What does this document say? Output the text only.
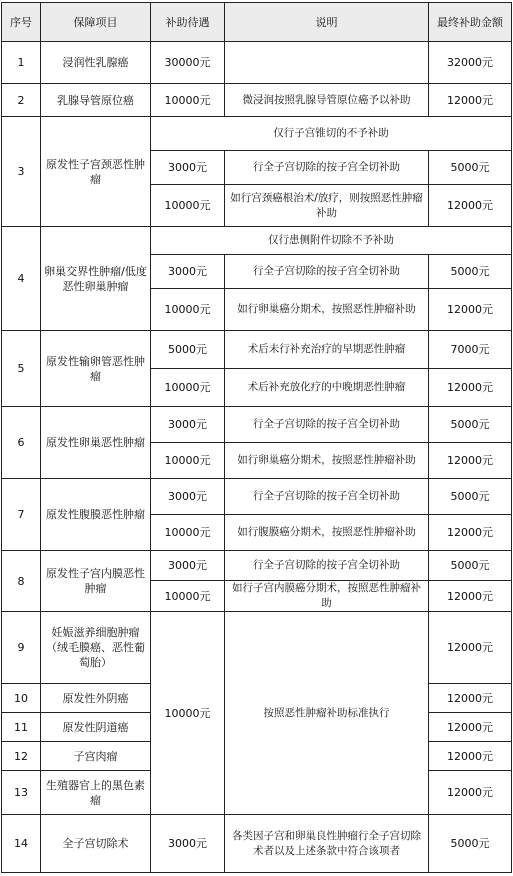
序号	保障项目	补助待遇	说明	最终补助金额
1	浸润性乳腺癌	30000元		32000元
2	乳腺导管原位癌	10000元	微浸润按照乳腺导管原位癌予以补助	12000元
3	原发性子宫颈恶性肿瘤	仅行子宫锥切的不予补助		
		3000元	行全子宫切除的按子宫全切补助	5000元
		10000元	如行宫颈癌根治术/放疗，则按照恶性肿瘤补助	12000元
4	卵巢交界性肿瘤/低度恶性卵巢肿瘤	仅行患侧附件切除不予补助		
		3000元	行全子宫切除的按子宫全切补助	5000元
		10000元	如行卵巢癌分期术，按照恶性肿瘤补助	12000元
5	原发性输卵管恶性肿瘤	5000元	术后未行补充治疗的早期恶性肿瘤	7000元
		10000元	术后补充放化疗的中晚期恶性肿瘤	12000元
6	原发性卵巢恶性肿瘤	3000元	行全子宫切除的按子宫全切补助	5000元
		10000元	如行卵巢癌分期术，按照恶性肿瘤补助	12000元
7	原发性腹膜恶性肿瘤	3000元	行全子宫切除的按子宫全切补助	5000元
		10000元	如行腹膜癌分期术，按照恶性肿瘤补助	12000元
8	原发性子宫内膜恶性肿瘤	3000元	行全子宫切除的按子宫全切补助	5000元
		10000元	如行子宫内膜癌分期术，按照恶性肿瘤补助	12000元
9	妊娠滋养细胞肿瘤（绒毛膜癌、恶性葡萄胎）	10000元	按照恶性肿瘤补助标准执行	12000元
10	原发性外阴癌			12000元
11	原发性阴道癌			12000元
12	子宫肉瘤			12000元
13	生殖器官上的黑色素瘤			12000元
14	全子宫切除术	3000元	各类因子宫和卵巢良性肿瘤行全子宫切除术者以及上述条款中符合该项者	5000元
